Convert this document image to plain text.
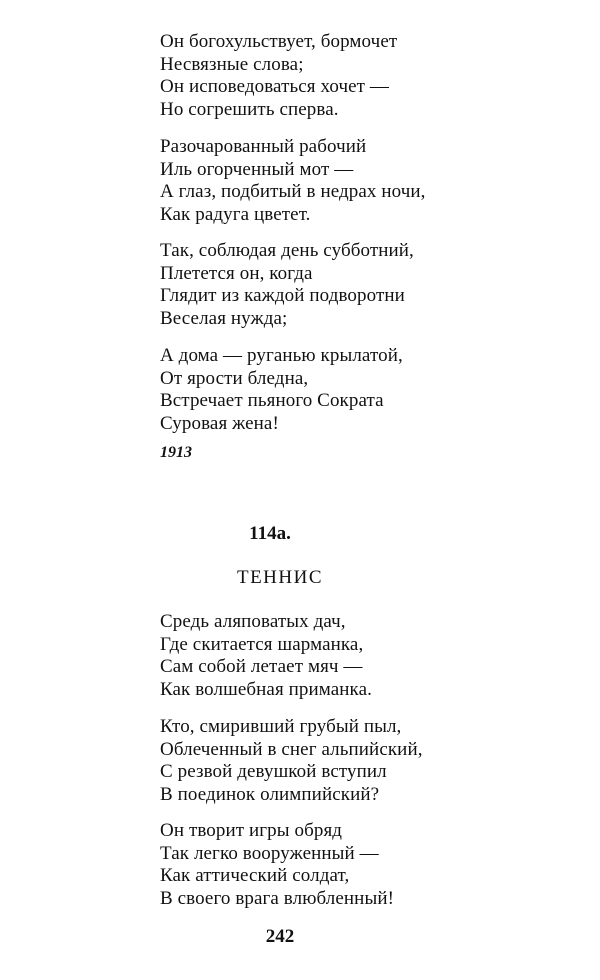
Он богохульствует, бормочет
Несвязные слова;
Он исповедоваться хочет —
Но согрешить сперва.
Разочарованный рабочий
Иль огорченный мот —
А глаз, подбитый в недрах ночи,
Как радуга цветет.
Так, соблюдая день субботний,
Плетется он, когда
Глядит из каждой подворотни
Веселая нужда;
А дома — руганью крылатой,
От ярости бледна,
Встречает пьяного Сократа
Суровая жена!
1913
114а.
ТЕННИС
Средь аляповатых дач,
Где скитается шарманка,
Сам собой летает мяч —
Как волшебная приманка.
Кто, смиривший грубый пыл,
Облеченный в снег альпийский,
С резвой девушкой вступил
В поединок олимпийский?
Он творит игры обряд
Так легко вооруженный —
Как аттический солдат,
В своего врага влюбленный!
242
